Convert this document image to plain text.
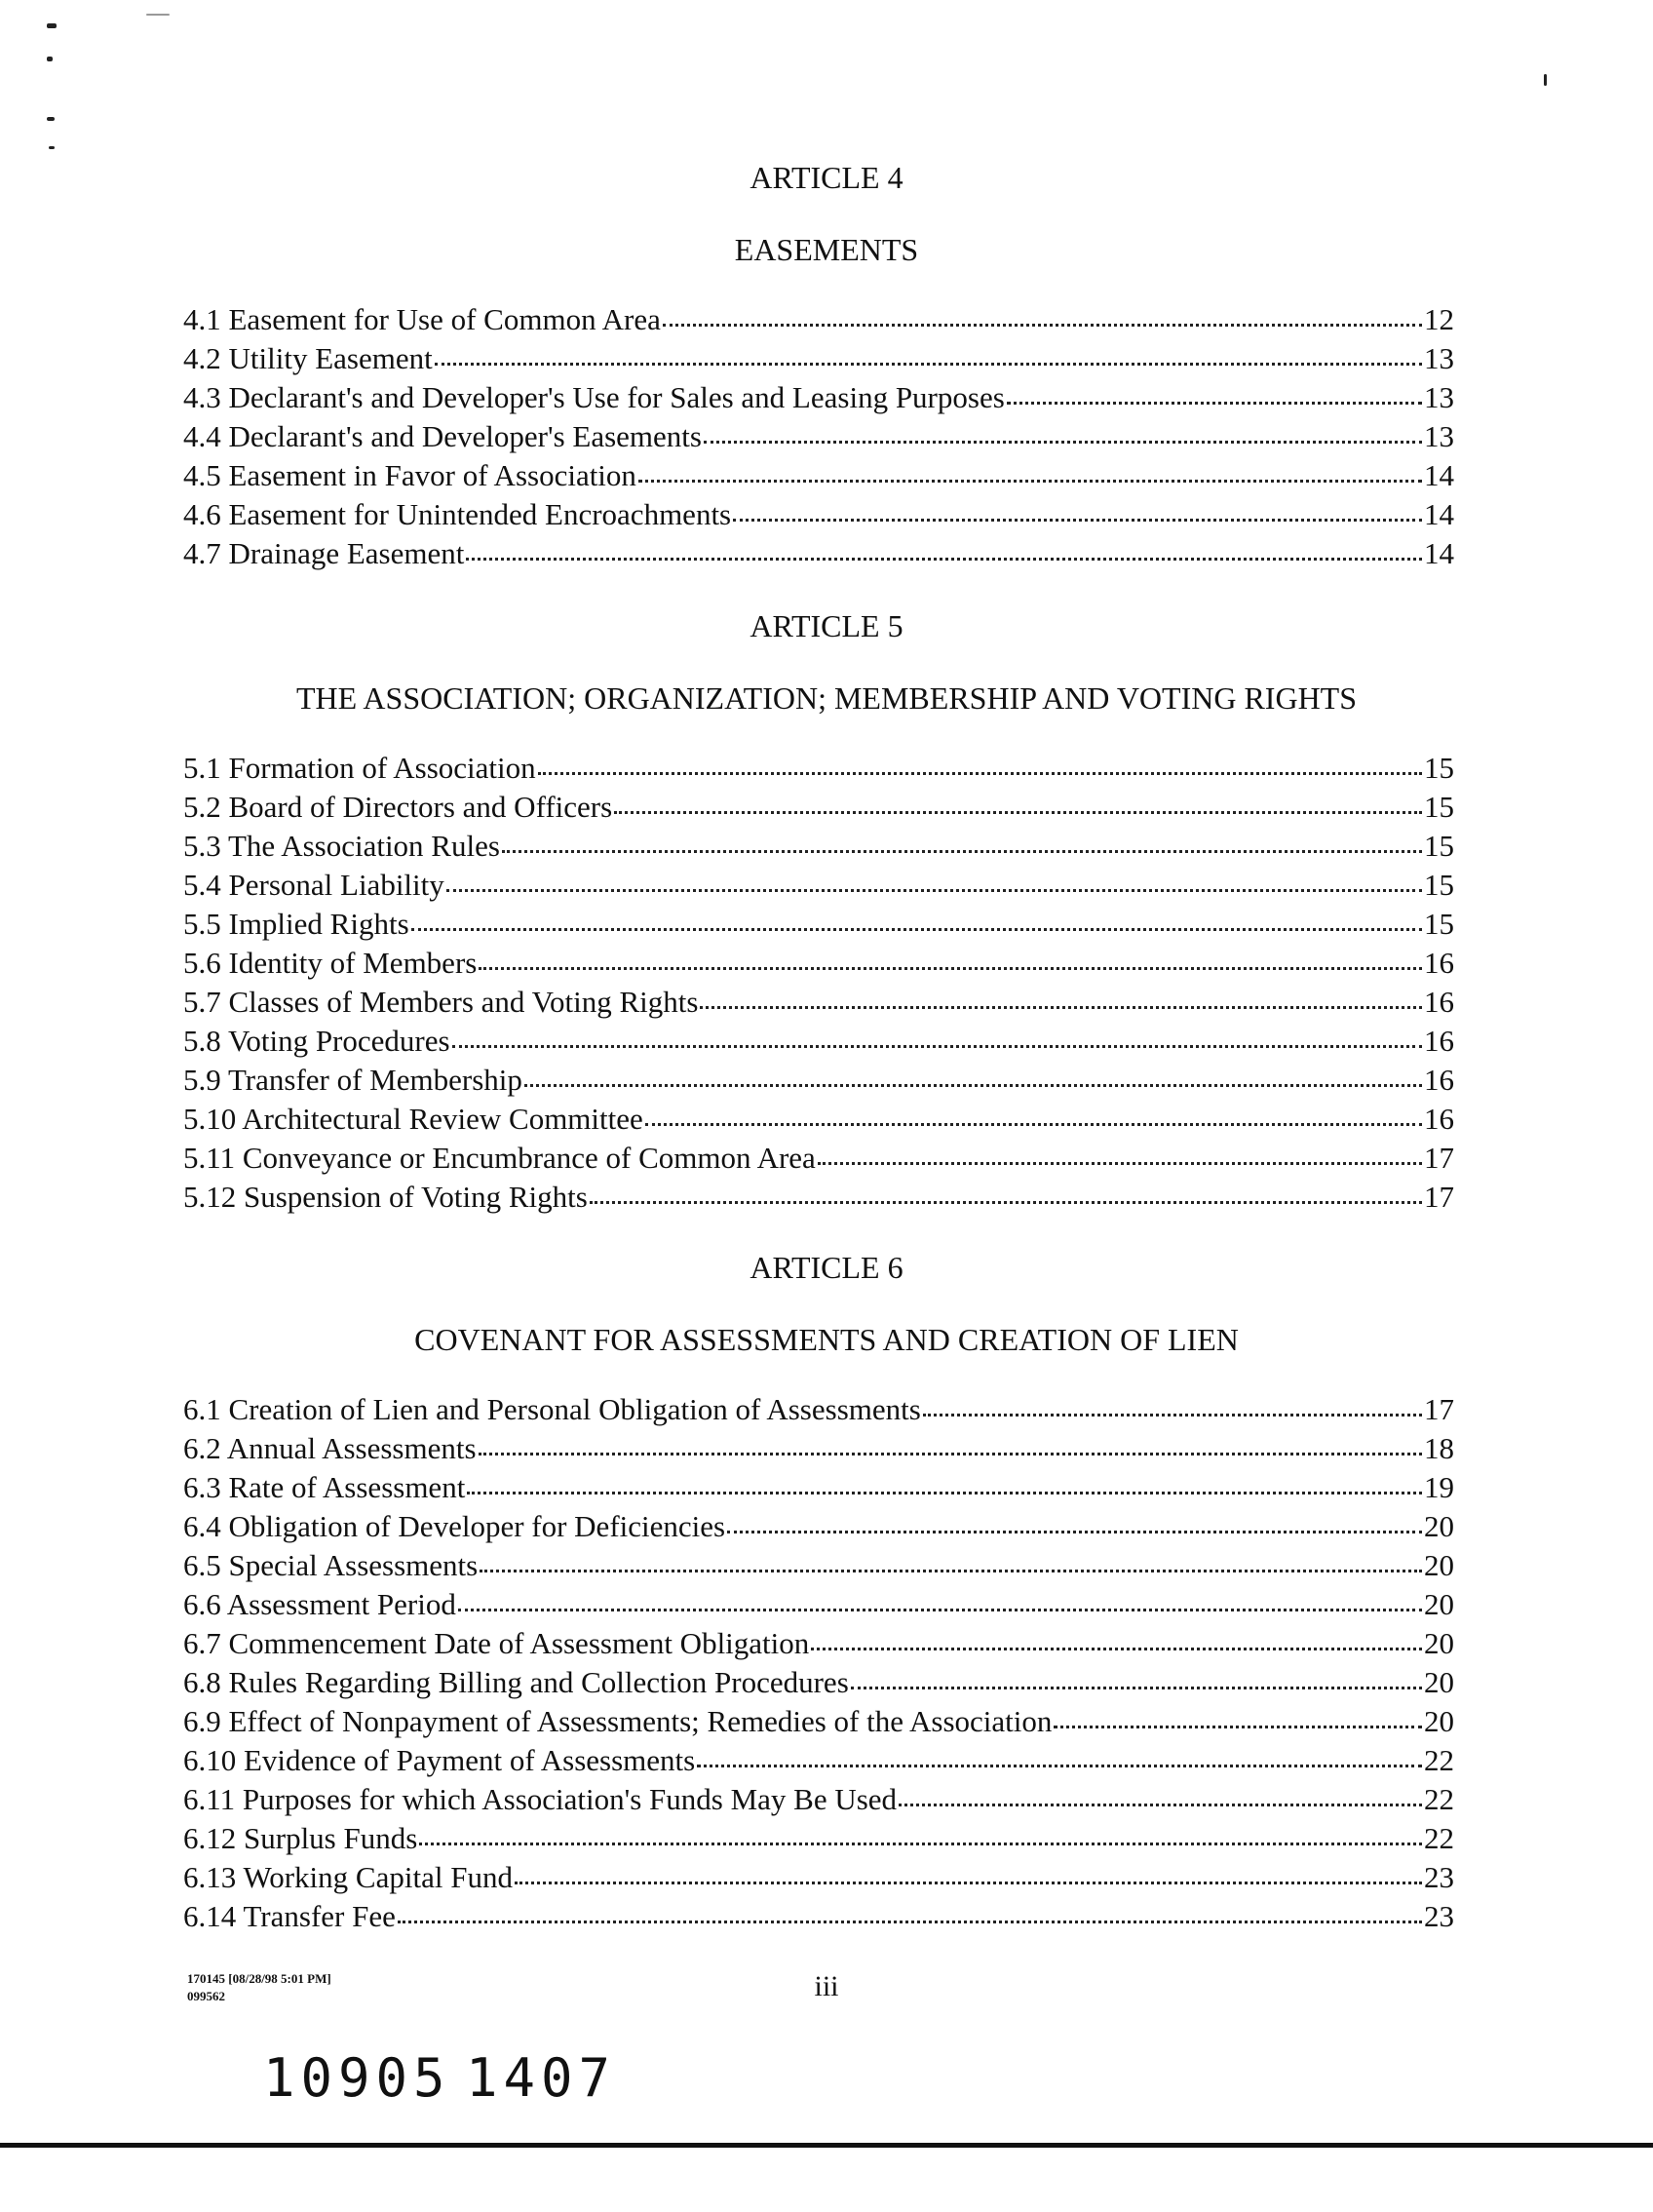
ARTICLE 4
EASEMENTS
4.1 Easement for Use of Common Area	12
4.2 Utility Easement	13
4.3 Declarant's and Developer's Use for Sales and Leasing Purposes	13
4.4 Declarant's and Developer's Easements	13
4.5 Easement in Favor of Association	14
4.6 Easement for Unintended Encroachments	14
4.7 Drainage Easement	14
ARTICLE 5
THE ASSOCIATION; ORGANIZATION; MEMBERSHIP AND VOTING RIGHTS
5.1 Formation of Association	15
5.2 Board of Directors and Officers	15
5.3 The Association Rules	15
5.4 Personal Liability	15
5.5 Implied Rights	15
5.6 Identity of Members	16
5.7 Classes of Members and Voting Rights	16
5.8 Voting Procedures	16
5.9 Transfer of Membership	16
5.10 Architectural Review Committee	16
5.11 Conveyance or Encumbrance of Common Area	17
5.12 Suspension of Voting Rights	17
ARTICLE 6
COVENANT FOR ASSESSMENTS AND CREATION OF LIEN
6.1 Creation of Lien and Personal Obligation of Assessments	17
6.2 Annual Assessments	18
6.3 Rate of Assessment	19
6.4 Obligation of Developer for Deficiencies	20
6.5 Special Assessments	20
6.6 Assessment Period	20
6.7 Commencement Date of Assessment Obligation	20
6.8 Rules Regarding Billing and Collection Procedures	20
6.9 Effect of Nonpayment of Assessments; Remedies of the Association	20
6.10 Evidence of Payment of Assessments	22
6.11 Purposes for which Association's Funds May Be Used	22
6.12 Surplus Funds	22
6.13 Working Capital Fund	23
6.14 Transfer Fee	23
170145 [08/28/98 5:01 PM]
099562	iii
10905 1407
